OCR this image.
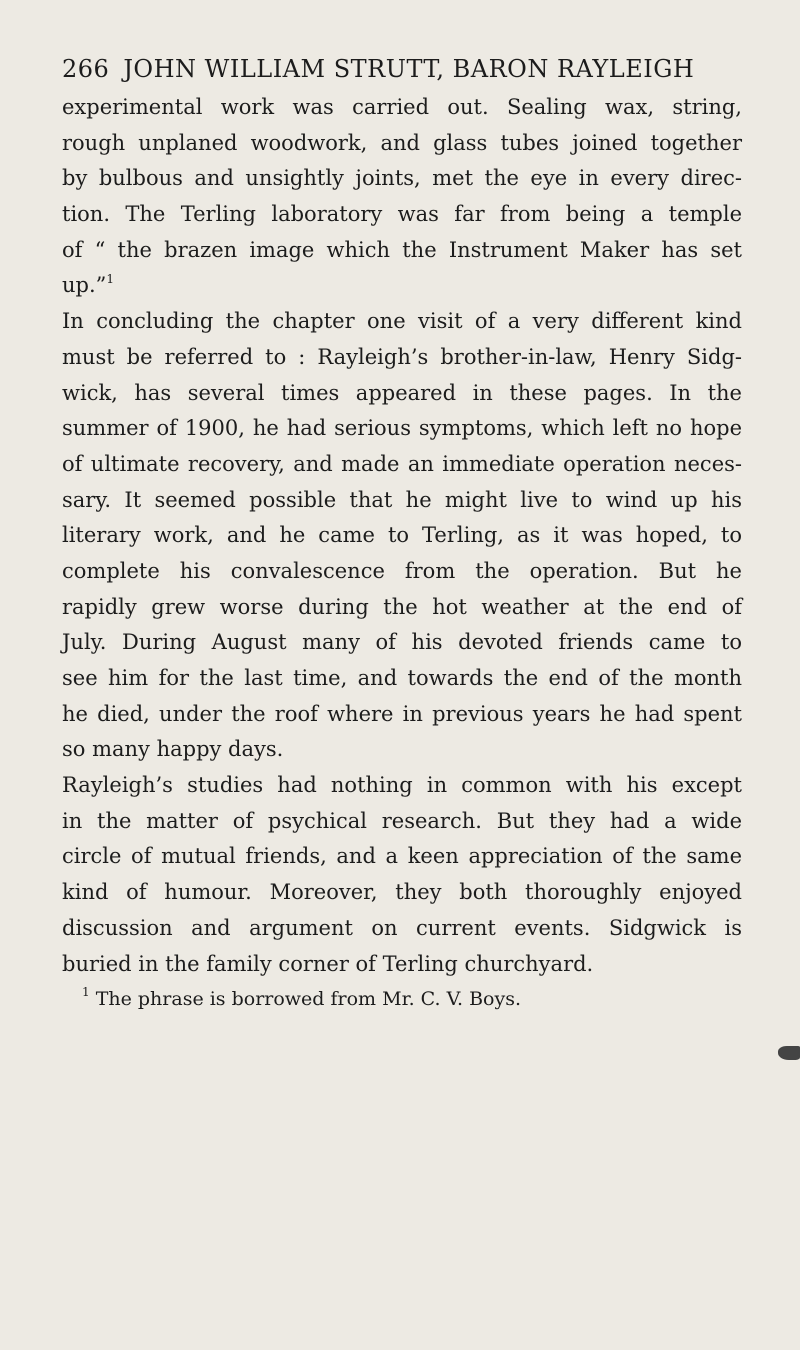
266 JOHN WILLIAM STRUTT, BARON RAYLEIGH
experimental work was carried out. Sealing wax, string,
rough unplaned woodwork, and glass tubes joined together
by bulbous and unsightly joints, met the eye in every direc-
tion. The Terling laboratory was far from being a temple
of “ the brazen image which the Instrument Maker has set
up.”$^1$
In concluding the chapter one visit of a very different kind
must be referred to : Rayleigh’s brother-in-law, Henry Sidg-
wick, has several times appeared in these pages. In the
summer of 1900, he had serious symptoms, which left no hope
of ultimate recovery, and made an immediate operation neces-
sary. It seemed possible that he might live to wind up his
literary work, and he came to Terling, as it was hoped, to
complete his convalescence from the operation. But he
rapidly grew worse during the hot weather at the end of
July. During August many of his devoted friends came to
see him for the last time, and towards the end of the month
he died, under the roof where in previous years he had spent
so many happy days.
Rayleigh’s studies had nothing in common with his except
in the matter of psychical research. But they had a wide
circle of mutual friends, and a keen appreciation of the same
kind of humour. Moreover, they both thoroughly enjoyed
discussion and argument on current events. Sidgwick is
buried in the family corner of Terling churchyard.
$^1$ The phrase is borrowed from Mr. C. V. Boys.
